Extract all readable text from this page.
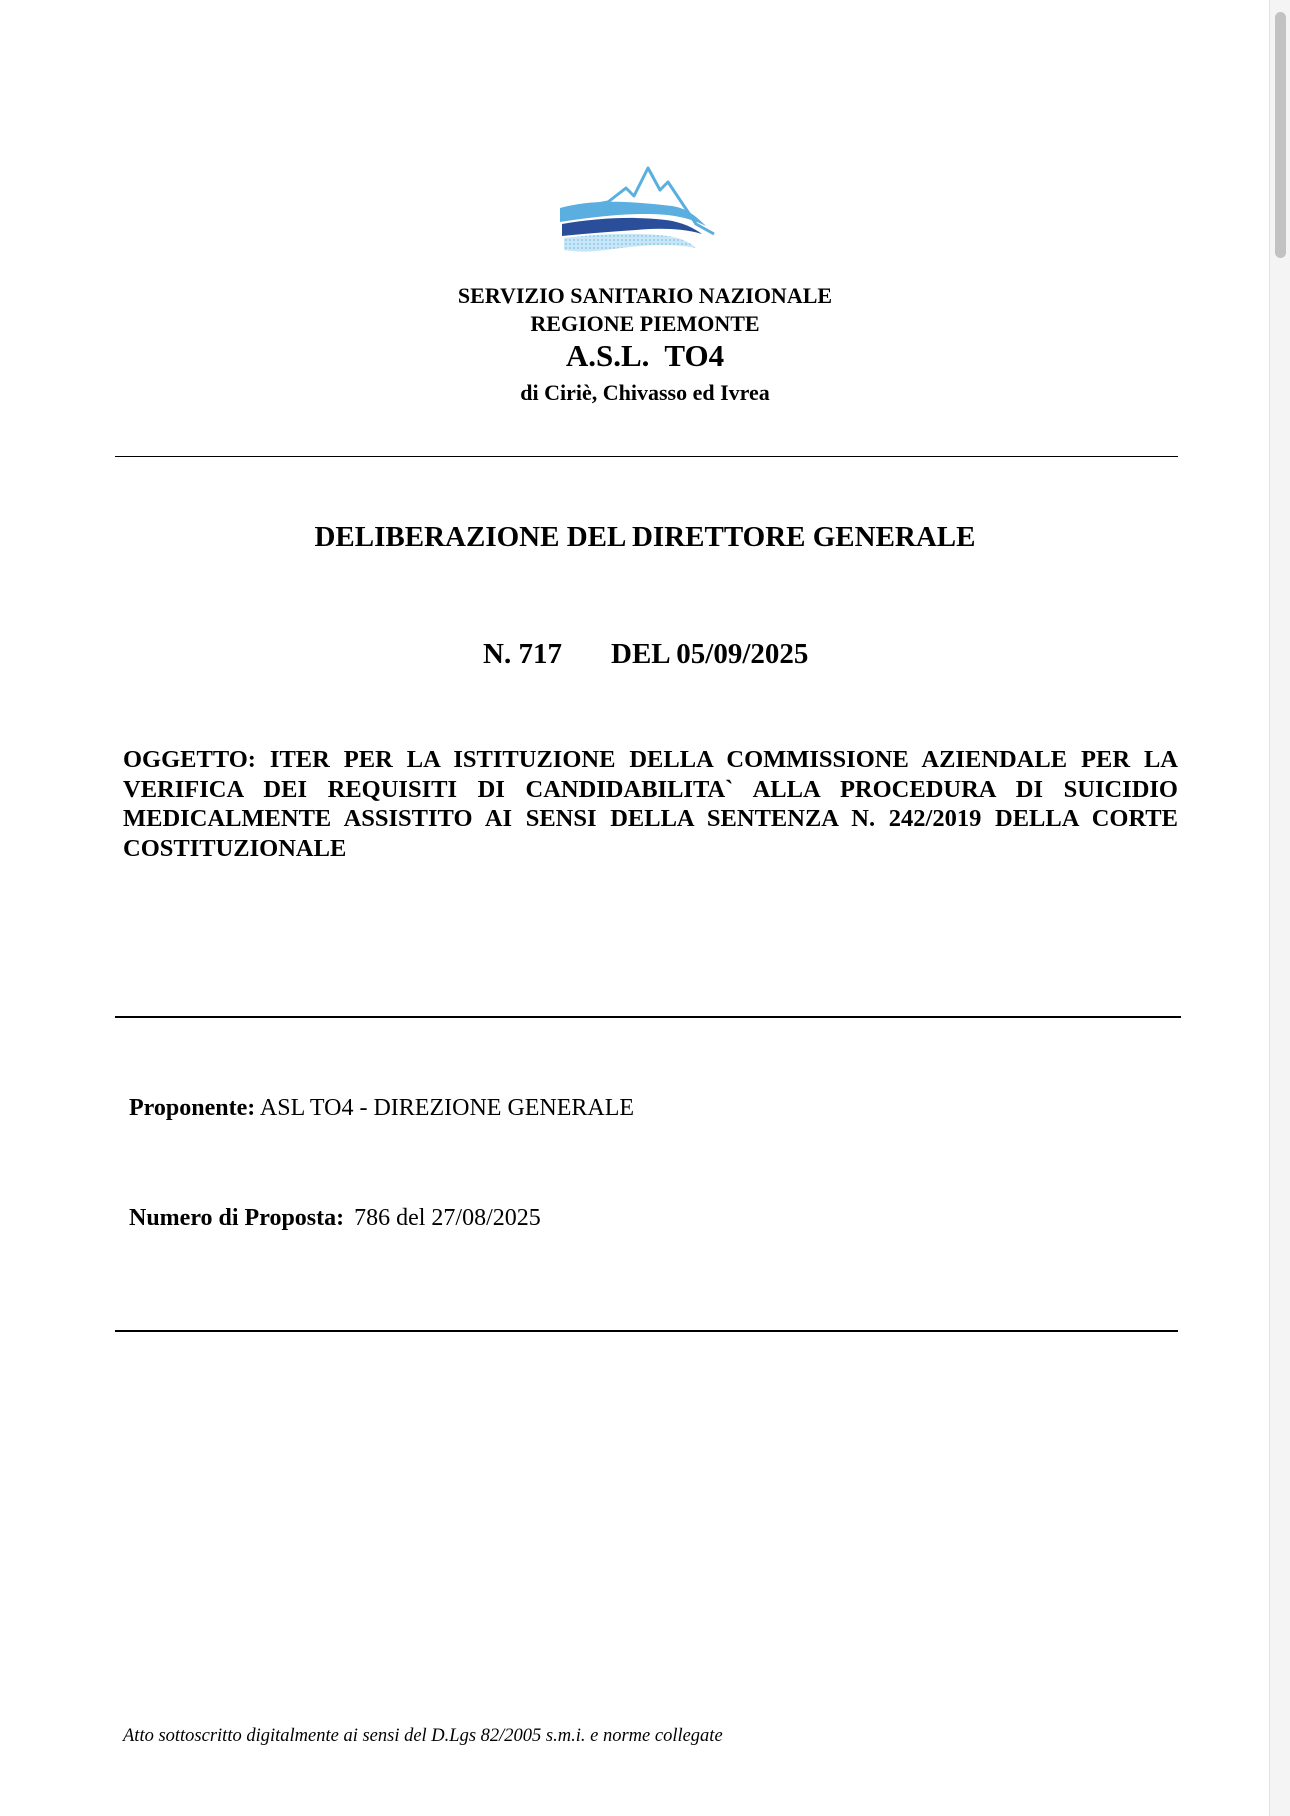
SERVIZIO SANITARIO NAZIONALE
REGIONE PIEMONTE
A.S.L.  TO4
di Ciriè, Chivasso ed Ivrea
DELIBERAZIONE DEL DIRETTORE GENERALE
N. 717 DEL 05/09/2025
OGGETTO: ITER PER LA ISTITUZIONE DELLA COMMISSIONE AZIENDALE PER LA VERIFICA DEI REQUISITI DI CANDIDABILITA` ALLA PROCEDURA DI SUICIDIO MEDICALMENTE ASSISTITO AI SENSI DELLA SENTENZA N. 242/2019 DELLA CORTE COSTITUZIONALE
Proponente: ASL TO4 - DIREZIONE GENERALE
Numero di Proposta: 786 del 27/08/2025
Atto sottoscritto digitalmente ai sensi del D.Lgs 82/2005 s.m.i. e norme collegate
